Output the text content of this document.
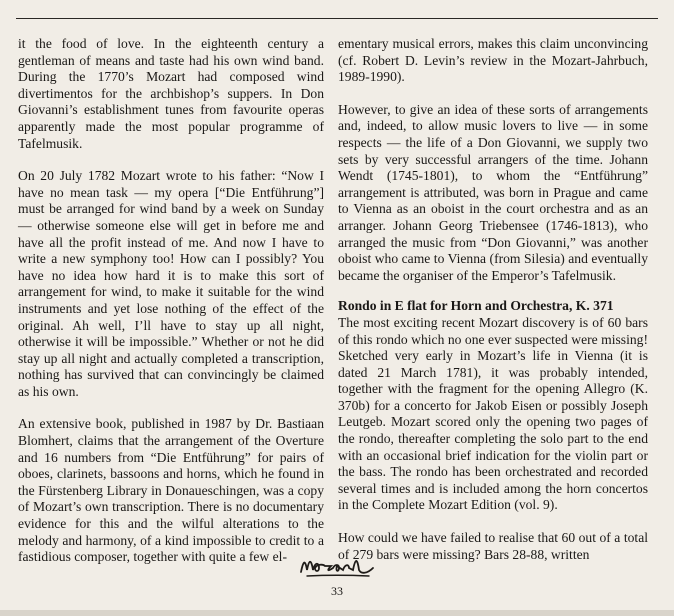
it the food of love. In the eighteenth century a gentleman of means and taste had his own wind band. During the 1770’s Mozart had composed wind divertimentos for the archbishop’s suppers. In Don Giovanni’s establishment tunes from favourite operas apparently made the most popular programme of Tafelmusik.

On 20 July 1782 Mozart wrote to his father: “Now I have no mean task — my opera [“Die Entführung”] must be arranged for wind band by a week on Sunday — otherwise someone else will get in before me and have all the profit instead of me. And now I have to write a new symphony too! How can I possibly? You have no idea how hard it is to make this sort of arrangement for wind, to make it suitable for the wind instruments and yet lose nothing of the effect of the original. Ah well, I’ll have to stay up all night, otherwise it will be impossible.” Whether or not he did stay up all night and actually completed a transcription, nothing has survived that can convincingly be claimed as his own.

An extensive book, published in 1987 by Dr. Bastiaan Blomhert, claims that the arrangement of the Overture and 16 numbers from “Die Entführung” for pairs of oboes, clarinets, bassoons and horns, which he found in the Fürstenberg Library in Donaueschingen, was a copy of Mozart’s own transcription. There is no documentary evidence for this and the wilful alterations to the melody and harmony, of a kind impossible to credit to a fastidious composer, together with quite a few el-

ementary musical errors, makes this claim unconvincing (cf. Robert D. Levin’s review in the Mozart-Jahrbuch, 1989-1990).

However, to give an idea of these sorts of arrangements and, indeed, to allow music lovers to live — in some respects — the life of a Don Giovanni, we supply two sets by very successful arrangers of the time. Johann Wendt (1745-1801), to whom the “Entführung” arrangement is attributed, was born in Prague and came to Vienna as an oboist in the court orchestra and as an arranger. Johann Georg Triebensee (1746-1813), who arranged the music from “Don Giovanni,” was another oboist who came to Vienna (from Silesia) and eventually became the organiser of the Emperor’s Tafelmusik.

Rondo in E flat for Horn and Orchestra, K. 371

The most exciting recent Mozart discovery is of 60 bars of this rondo which no one ever suspected were missing! Sketched very early in Mozart’s life in Vienna (it is dated 21 March 1781), it was probably intended, together with the fragment for the opening Allegro (K. 370b) for a concerto for Jakob Eisen or possibly Joseph Leutgeb. Mozart scored only the opening two pages of the rondo, thereafter completing the solo part to the end with an occasional brief indication for the violin part or the bass. The rondo has been orchestrated and recorded several times and is included among the horn concertos in the Complete Mozart Edition (vol. 9).

How could we have failed to realise that 60 out of a total of 279 bars were missing? Bars 28-88, written

33
